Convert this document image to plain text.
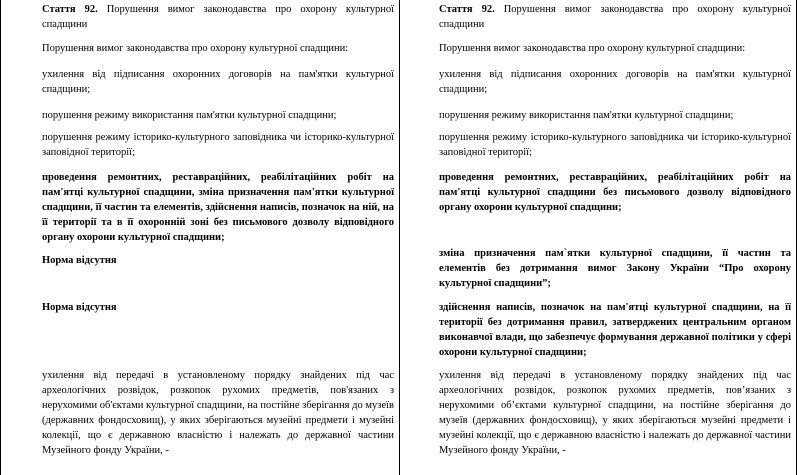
Стаття 92. Порушення вимог законодавства про охорону культурної спадщини

Порушення вимог законодавства про охорону культурної спадщини:

ухилення від підписання охоронних договорів на пам'ятки культурної спадщини;

порушення режиму використання пам'ятки культурної спадщини;

порушення режиму історико-культурного заповідника чи історико-культурної заповідної території;

проведення ремонтних, реставраційних, реабілітаційних робіт на пам'ятці культурної спадщини, зміна призначення пам'ятки культурної спадщини, її частин та елементів, здійснення написів, позначок на ній, на її території та в її охоронній зоні без письмового дозволу відповідного органу охорони культурної спадщини;

Норма відсутня

Норма відсутня

ухилення від передачі в установленому порядку знайдених під час археологічних розвідок, розкопок рухомих предметів, пов'язаних з нерухомими об'єктами культурної спадщини, на постійне зберігання до музеїв (державних фондосховищ), у яких зберігаються музейні предмети і музейні колекції, що є державною власністю і належать до державної частини Музейного фонду України, -

Стаття 92. Порушення вимог законодавства про охорону культурної спадщини

Порушення вимог законодавства про охорону культурної спадщини:

ухилення від підписання охоронних договорів на пам'ятки культурної спадщини;

порушення режиму використання пам'ятки культурної спадщини;

порушення режиму історико-культурного заповідника чи історико-культурної заповідної території;

проведення ремонтних, реставраційних, реабілітаційних робіт на пам'ятці культурної спадщини без письмового дозволу відповідного органу охорони культурної спадщини;

зміна призначення пам`ятки культурної спадщини, її частин та елементів без дотримання вимог Закону України “Про охорону культурної спадщини”;

здійснення написів, позначок на пам'ятці культурної спадщини, на її території без дотримання правил, затверджених центральним органом виконавчої влади, що забезпечує формування державної політики у сфері охорони культурної спадщини;

ухилення від передачі в установленому порядку знайдених під час археологічних розвідок, розкопок рухомих предметів, пов’язаних з нерухомими об’єктами культурної спадщини, на постійне зберігання до музеїв (державних фондосховищ), у яких зберігаються музейні предмети і музейні колекції, що є державною власністю і належать до державної частини Музейного фонду України, -
